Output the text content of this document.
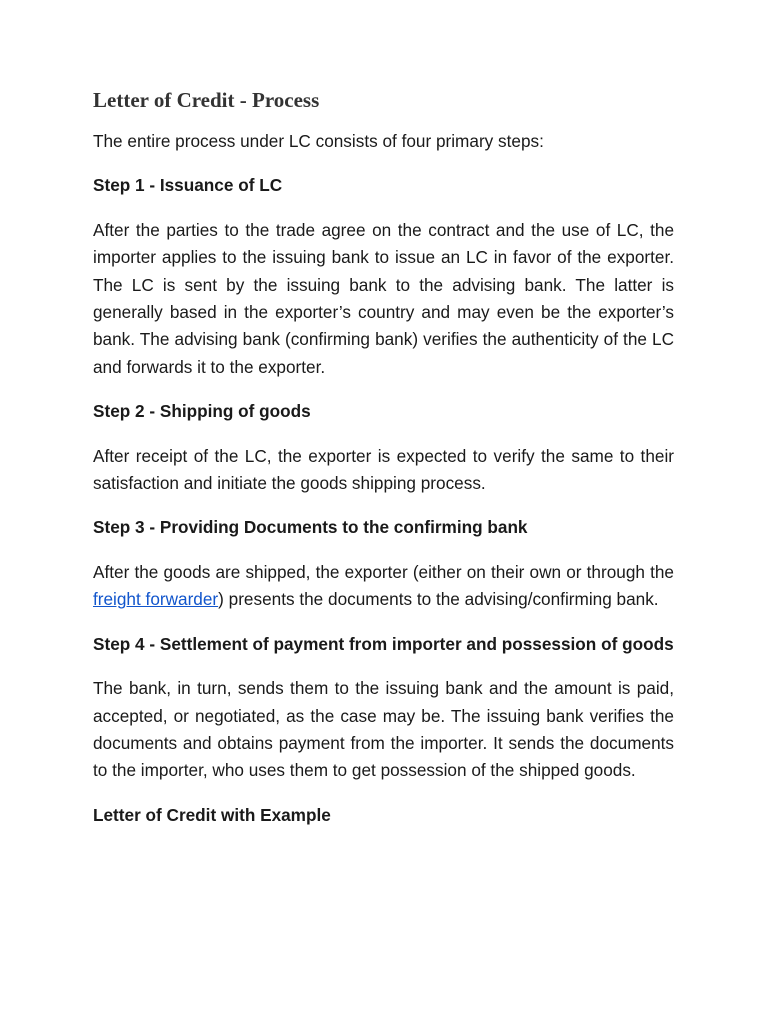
Letter of Credit - Process

The entire process under LC consists of four primary steps:

Step 1 - Issuance of LC

After the parties to the trade agree on the contract and the use of LC, the importer applies to the issuing bank to issue an LC in favor of the exporter. The LC is sent by the issuing bank to the advising bank. The latter is generally based in the exporter’s country and may even be the exporter’s bank. The advising bank (confirming bank) verifies the authenticity of the LC and forwards it to the exporter.

Step 2 - Shipping of goods

After receipt of the LC, the exporter is expected to verify the same to their satisfaction and initiate the goods shipping process.

Step 3 - Providing Documents to the confirming bank

After the goods are shipped, the exporter (either on their own or through the freight forwarder) presents the documents to the advising/confirming bank.

Step 4 - Settlement of payment from importer and possession of goods

The bank, in turn, sends them to the issuing bank and the amount is paid, accepted, or negotiated, as the case may be. The issuing bank verifies the documents and obtains payment from the importer. It sends the documents to the importer, who uses them to get possession of the shipped goods.

Letter of Credit with Example
